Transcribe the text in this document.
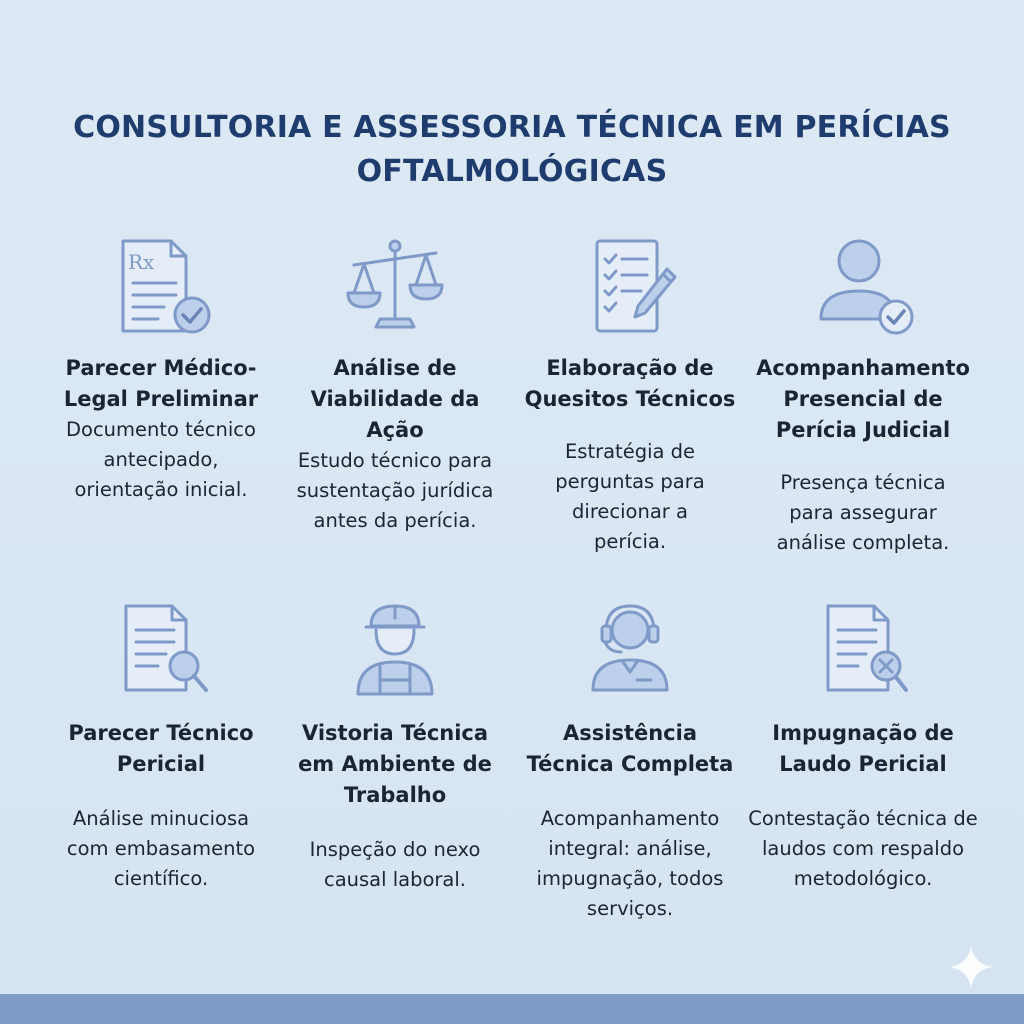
CONSULTORIA E ASSESSORIA TÉCNICA EM PERÍCIAS
OFTALMOLÓGICAS
Rx
Parecer Médico-Legal Preliminar
Documento técnico antecipado, orientação inicial.
Análise de Viabilidade da Ação
Estudo técnico para sustentação jurídica antes da perícia.
Elaboração de Quesitos Técnicos
Estratégia de perguntas para direcionar a perícia.
Acompanhamento Presencial de Perícia Judicial
Presença técnica para assegurar análise completa.
Parecer Técnico Pericial
Análise minuciosa com embasamento científico.
Vistoria Técnica em Ambiente de Trabalho
Inspeção do nexo causal laboral.
Assistência Técnica Completa
Acompanhamento integral: análise, impugnação, todos serviços.
Impugnação de Laudo Pericial
Contestação técnica de laudos com respaldo metodológico.
